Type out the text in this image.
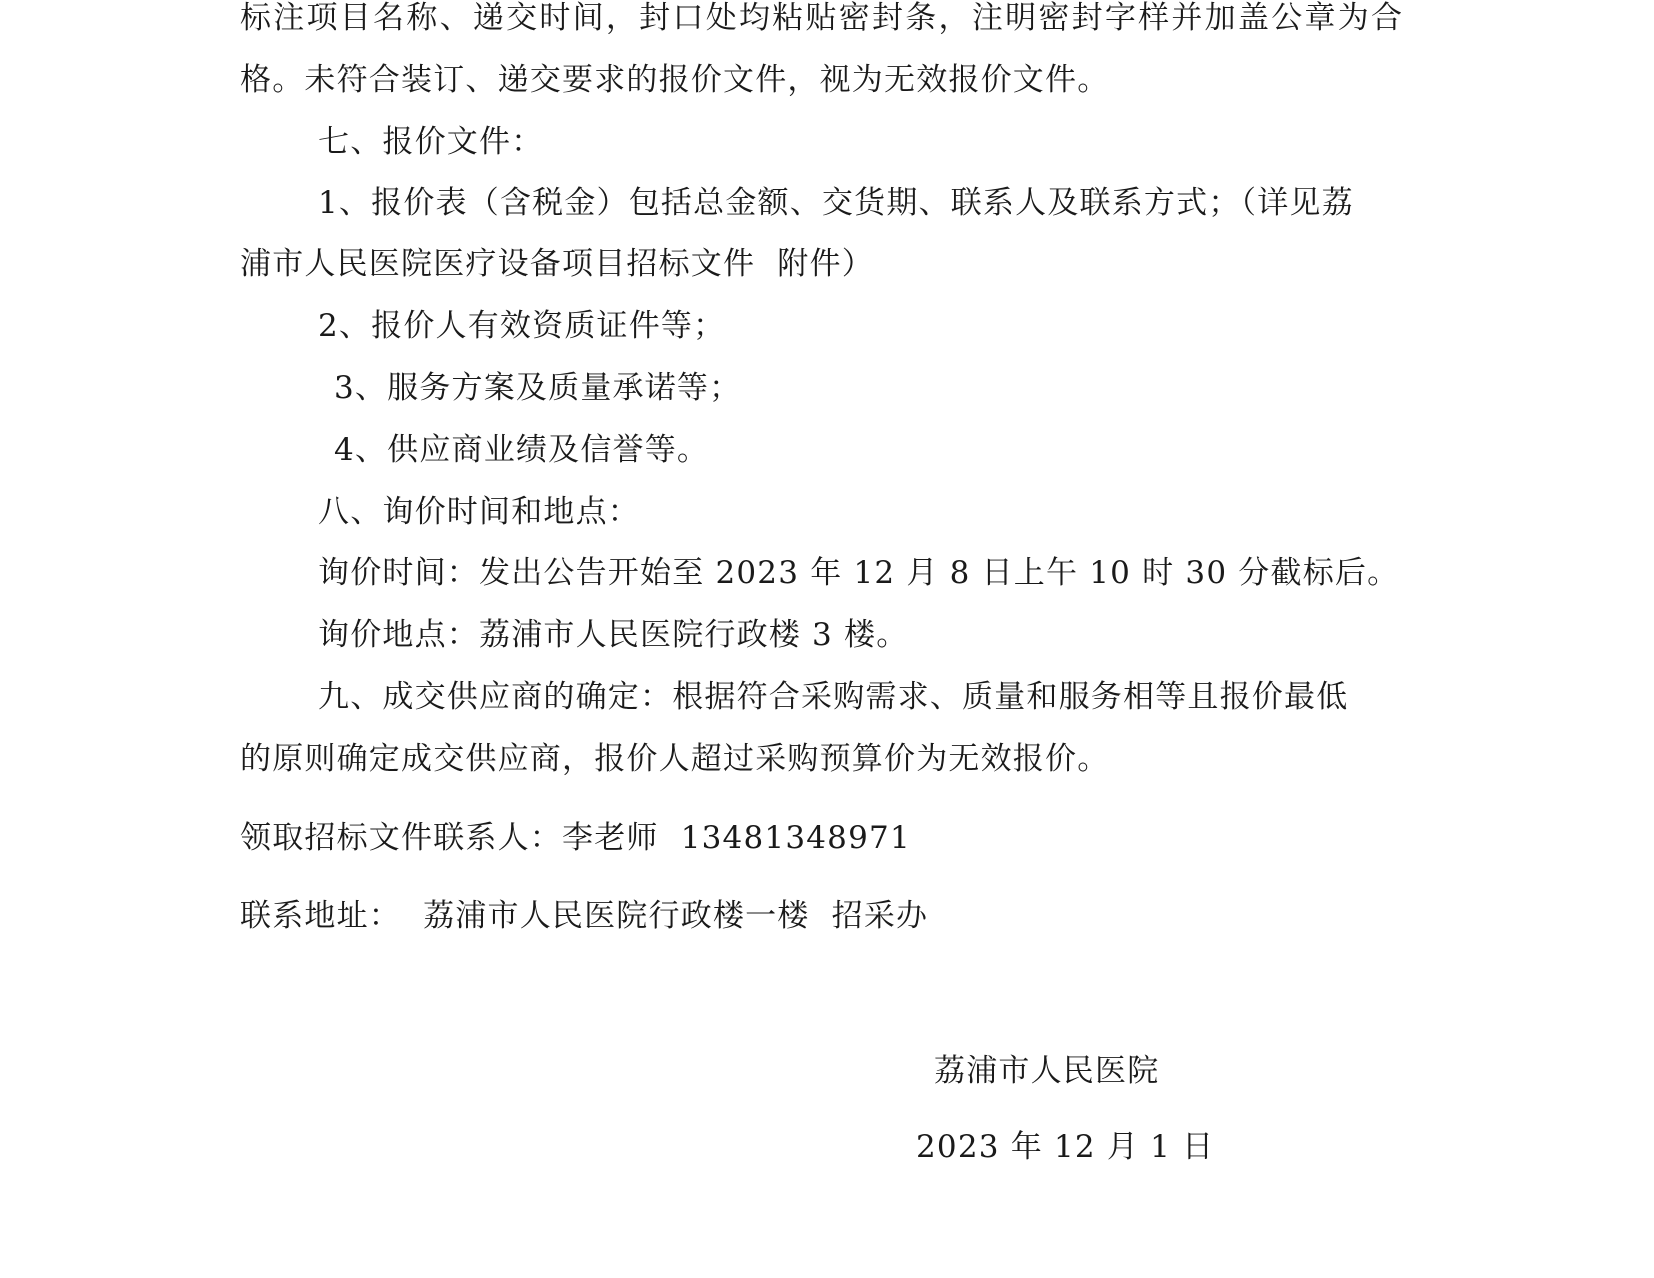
标注项目名称、递交时间，封口处均粘贴密封条，注明密封字样并加盖公章为合
格。未符合装订、递交要求的报价文件，视为无效报价文件。
七、报价文件：
1、报价表（含税金）包括总金额、交货期、联系人及联系方式；（详见荔
浦市人民医院医疗设备项目招标文件  附件）
2、报价人有效资质证件等；
3、服务方案及质量承诺等；
4、供应商业绩及信誉等。
八、询价时间和地点：
询价时间：发出公告开始至 2023 年 12 月 8 日上午 10 时 30 分截标后。
询价地点：荔浦市人民医院行政楼 3 楼。
九、成交供应商的确定：根据符合采购需求、质量和服务相等且报价最低
的原则确定成交供应商，报价人超过采购预算价为无效报价。
领取招标文件联系人：李老师  13481348971
联系地址：  荔浦市人民医院行政楼一楼  招采办
荔浦市人民医院
2023 年 12 月 1 日
